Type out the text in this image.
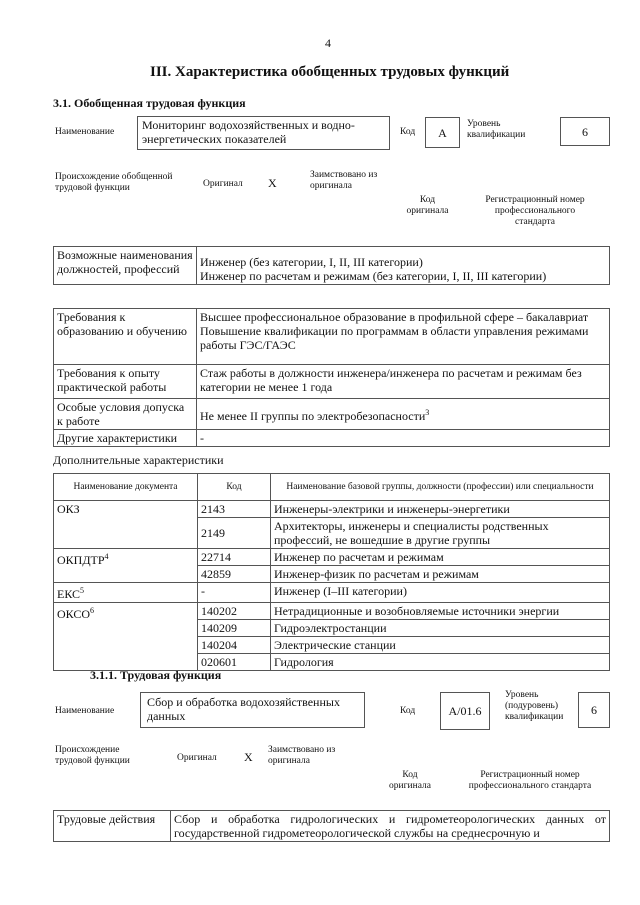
4
III. Характеристика обобщенных трудовых функций
3.1. Обобщенная трудовая функция
Наименование	Мониторинг водохозяйственных и водно-энергетических показателей	Код	A
Уровень квалификации	6
Происхождение обобщенной трудовой функции	Оригинал X
Заимствовано из оригинала
Код оригинала
Регистрационный номер профессионального стандарта
Возможные наименования должностей, профессий	Инженер (без категории, I, II, III категории)
Инженер по расчетам и режимам (без категории, I, II, III категории)
Требования к образованию и обучению	Высшее профессиональное образование в профильной сфере – бакалавриат
Повышение квалификации по программам в области управления режимами работы ГЭС/ГАЭС

Требования к опыту практической работы	Стаж работы в должности инженера/инженера по расчетам и режимам без категории не менее 1 года
Особые условия допуска к работе	Не менее II группы по электробезопасности$^3$
Другие характеристики	-
Дополнительные характеристики
Наименование документа	Код	Наименование базовой группы, должности (профессии) или специальности
ОКЗ	2143	Инженеры-электрики и инженеры-энергетики
	2149	Архитекторы, инженеры и специалисты родственных профессий, не вошедшие в другие группы
ОКПДТР$^4$	22714	Инженер по расчетам и режимам
	42859	Инженер-физик по расчетам и режимам
ЕКС$^5$	-	Инженер (I–III категории)
ОКСО$^6$	140202	Нетрадиционные и возобновляемые источники энергии
	140209	Гидроэлектростанции
	140204	Электрические станции
	020601	Гидрология
3.1.1. Трудовая функция
Наименование
Сбор и обработка водохозяйственных данных	Код	A/01.6
Уровень (подуровень) квалификации	6
Происхождение трудовой функции	Оригинал X Заимствовано из оригинала
Код оригинала
Регистрационный номер профессионального стандарта
Трудовые действия	Сбор и обработка гидрологических и гидрометеорологических данных от государственной гидрометеорологической службы на среднесрочную и
